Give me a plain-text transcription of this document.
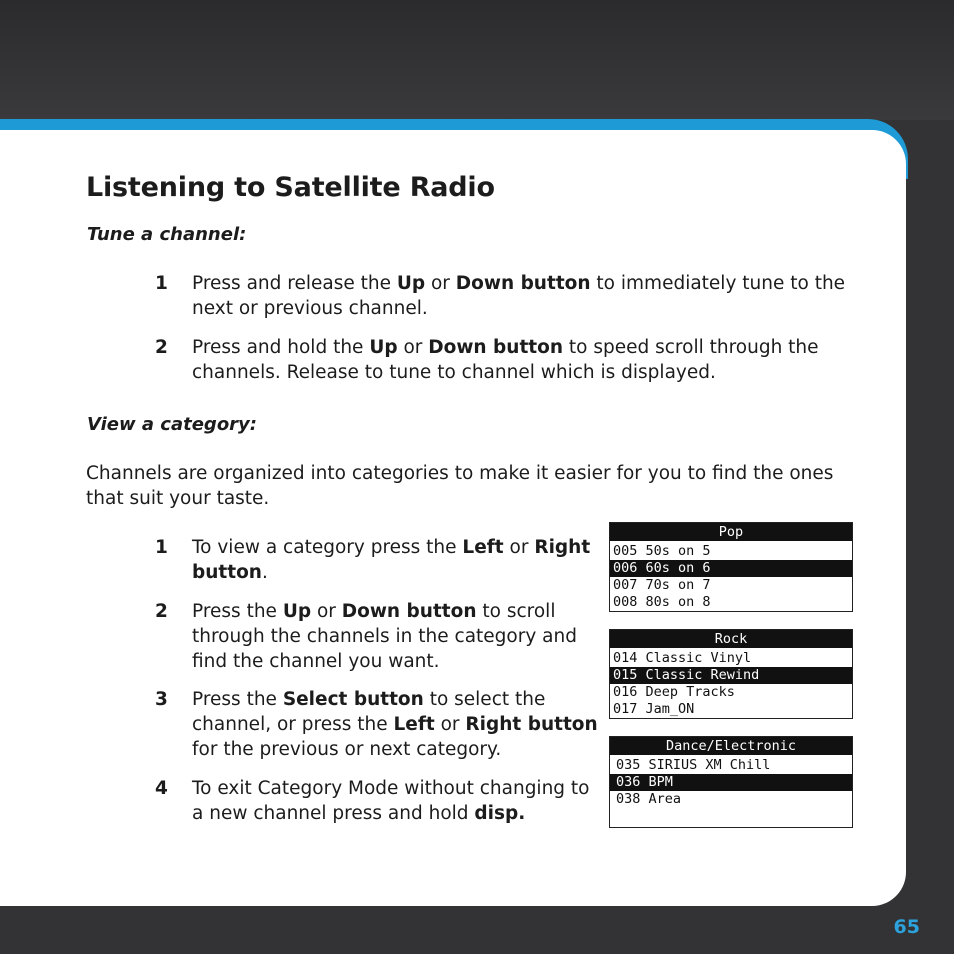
Listening to Satellite Radio
Tune a channel:
1 Press and release the Up or Down button to immediately tune to the next or previous channel.
2 Press and hold the Up or Down button to speed scroll through the channels. Release to tune to channel which is displayed.
View a category:
Channels are organized into categories to make it easier for you to find the ones that suit your taste.
1 To view a category press the Left or Right button.
2 Press the Up or Down button to scroll through the channels in the category and find the channel you want.
3 Press the Select button to select the channel, or press the Left or Right button for the previous or next category.
4 To exit Category Mode without changing to a new channel press and hold disp.
Pop
005 50s on 5
006 60s on 6
007 70s on 7
008 80s on 8
Rock
014 Classic Vinyl
015 Classic Rewind
016 Deep Tracks
017 Jam_ON
Dance/Electronic
035 SIRIUS XM Chill
036 BPM
038 Area
65
